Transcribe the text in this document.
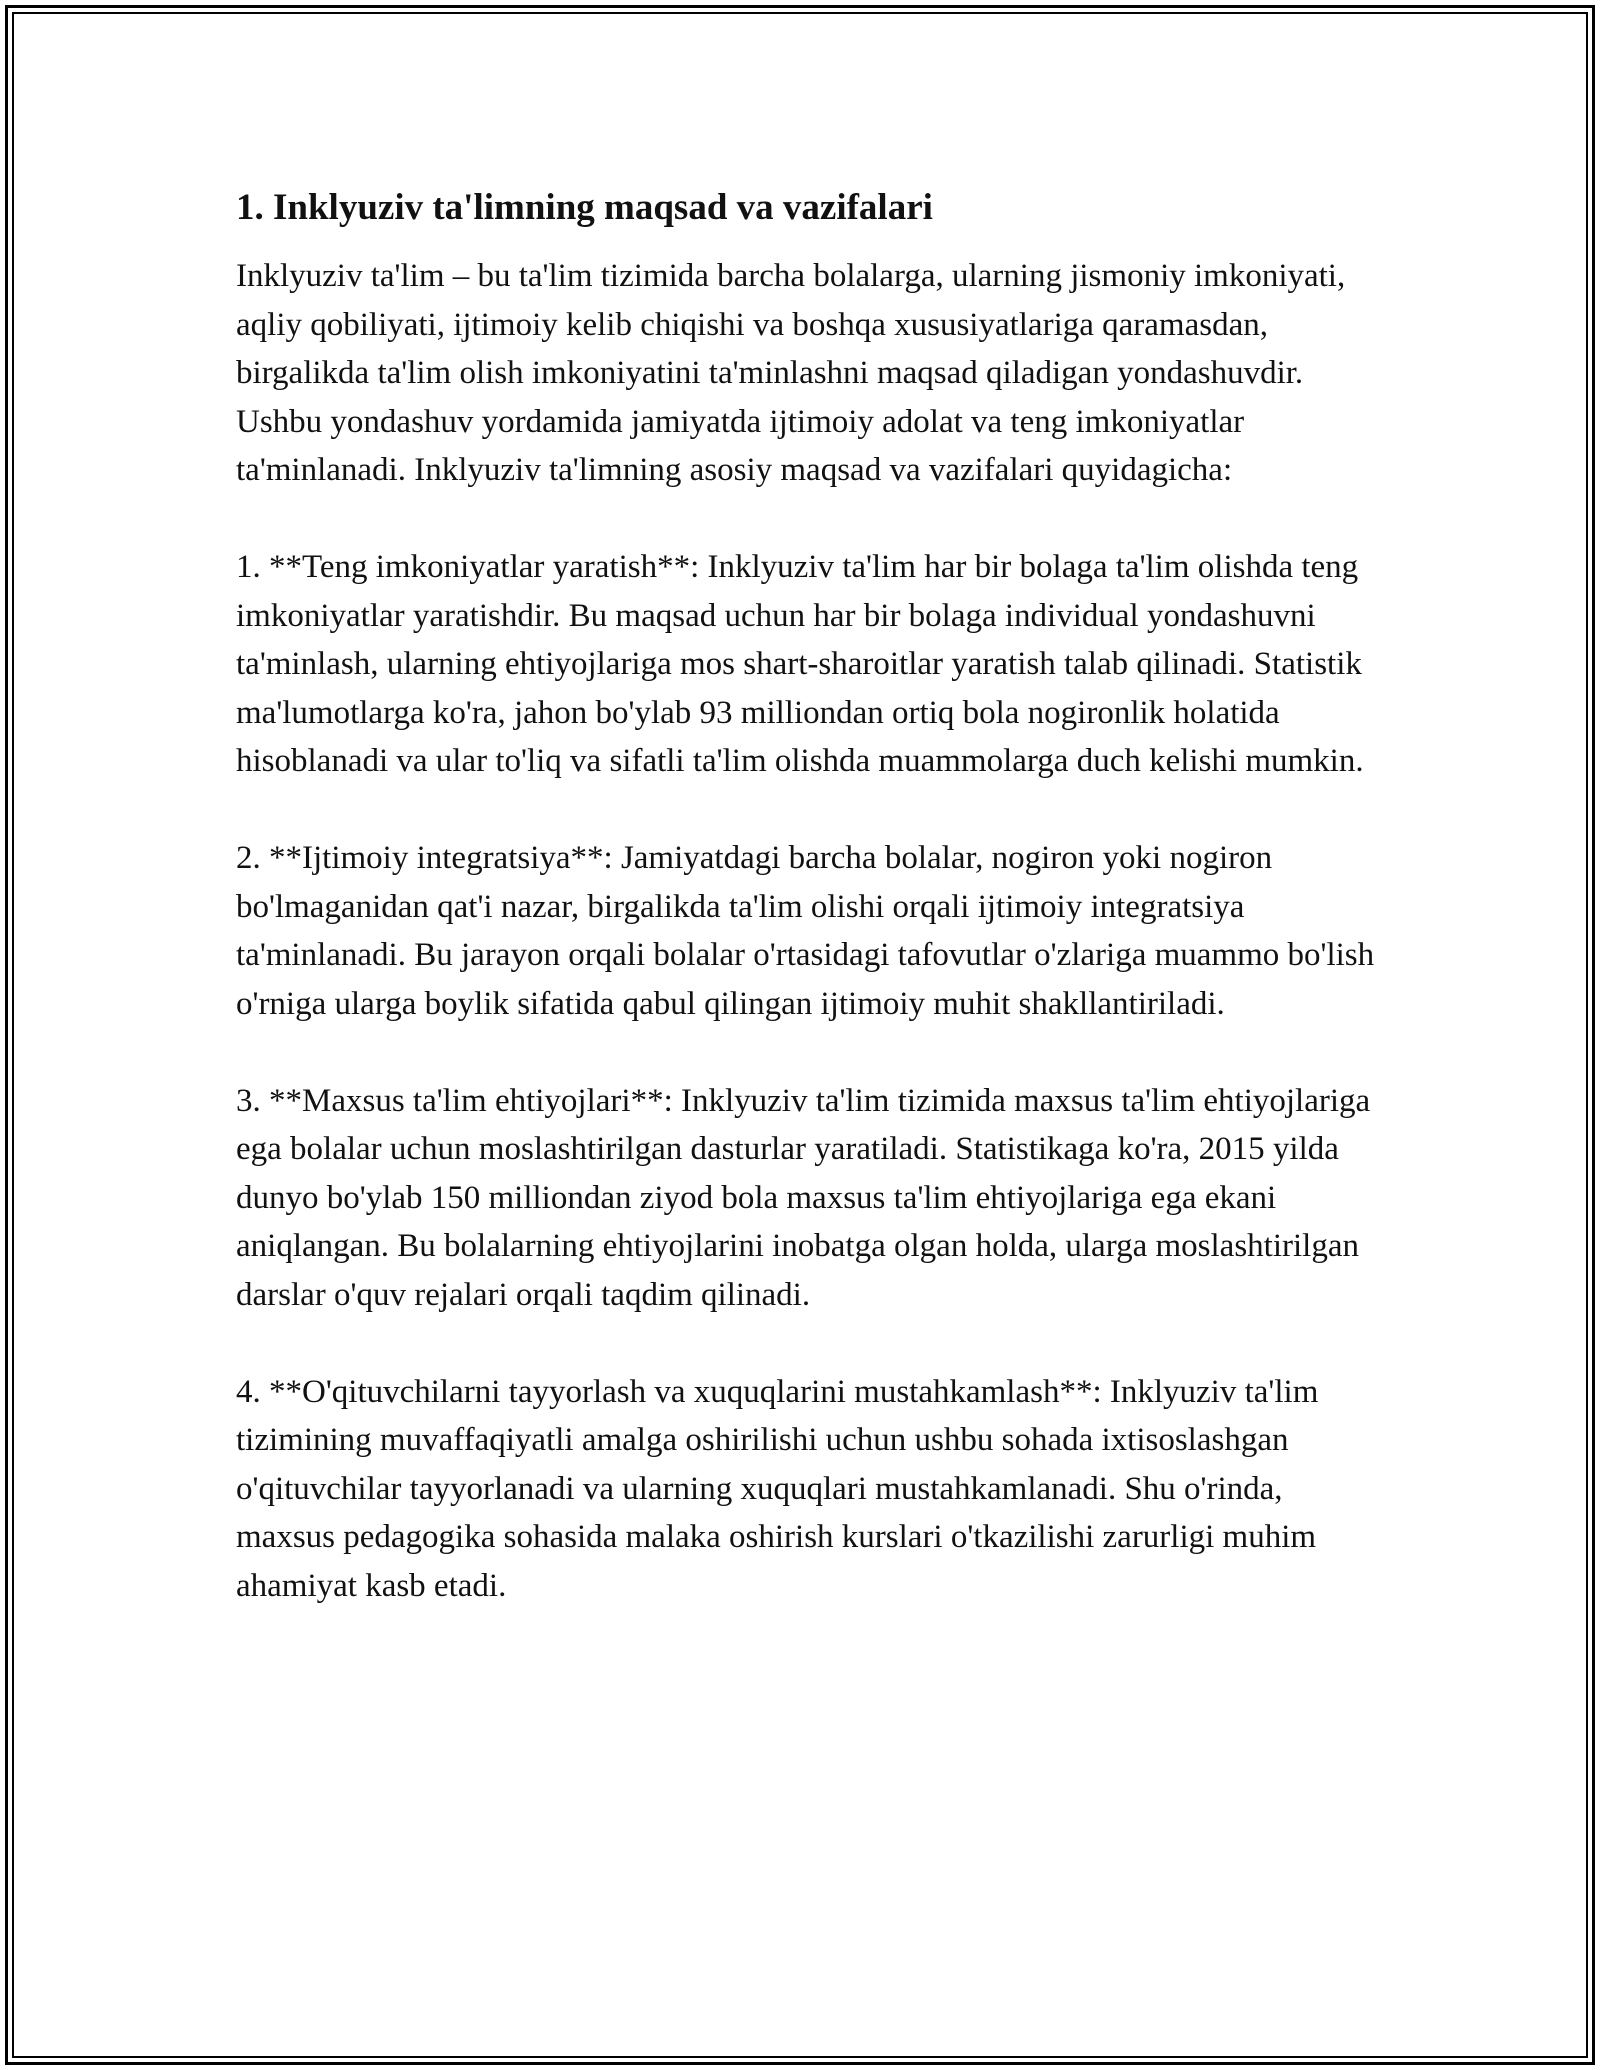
1. Inklyuziv ta'limning maqsad va vazifalari

Inklyuziv ta'lim – bu ta'lim tizimida barcha bolalarga, ularning jismoniy imkoniyati, aqliy qobiliyati, ijtimoiy kelib chiqishi va boshqa xususiyatlariga qaramasdan, birgalikda ta'lim olish imkoniyatini ta'minlashni maqsad qiladigan yondashuvdir. Ushbu yondashuv yordamida jamiyatda ijtimoiy adolat va teng imkoniyatlar ta'minlanadi. Inklyuziv ta'limning asosiy maqsad va vazifalari quyidagicha:

1. **Teng imkoniyatlar yaratish**: Inklyuziv ta'lim har bir bolaga ta'lim olishda teng imkoniyatlar yaratishdir. Bu maqsad uchun har bir bolaga individual yondashuvni ta'minlash, ularning ehtiyojlariga mos shart-sharoitlar yaratish talab qilinadi. Statistik ma'lumotlarga ko'ra, jahon bo'ylab 93 milliondan ortiq bola nogironlik holatida hisoblanadi va ular to'liq va sifatli ta'lim olishda muammolarga duch kelishi mumkin.

2. **Ijtimoiy integratsiya**: Jamiyatdagi barcha bolalar, nogiron yoki nogiron bo'lmaganidan qat'i nazar, birgalikda ta'lim olishi orqali ijtimoiy integratsiya ta'minlanadi. Bu jarayon orqali bolalar o'rtasidagi tafovutlar o'zlariga muammo bo'lish o'rniga ularga boylik sifatida qabul qilingan ijtimoiy muhit shakllantiriladi.

3. **Maxsus ta'lim ehtiyojlari**: Inklyuziv ta'lim tizimida maxsus ta'lim ehtiyojlariga ega bolalar uchun moslashtirilgan dasturlar yaratiladi. Statistikaga ko'ra, 2015 yilda dunyo bo'ylab 150 milliondan ziyod bola maxsus ta'lim ehtiyojlariga ega ekani aniqlangan. Bu bolalarning ehtiyojlarini inobatga olgan holda, ularga moslashtirilgan darslar o'quv rejalari orqali taqdim qilinadi.

4. **O'qituvchilarni tayyorlash va xuquqlarini mustahkamlash**: Inklyuziv ta'lim tizimining muvaffaqiyatli amalga oshirilishi uchun ushbu sohada ixtisoslashgan o'qituvchilar tayyorlanadi va ularning xuquqlari mustahkamlanadi. Shu o'rinda, maxsus pedagogika sohasida malaka oshirish kurslari o'tkazilishi zarurligi muhim ahamiyat kasb etadi.
